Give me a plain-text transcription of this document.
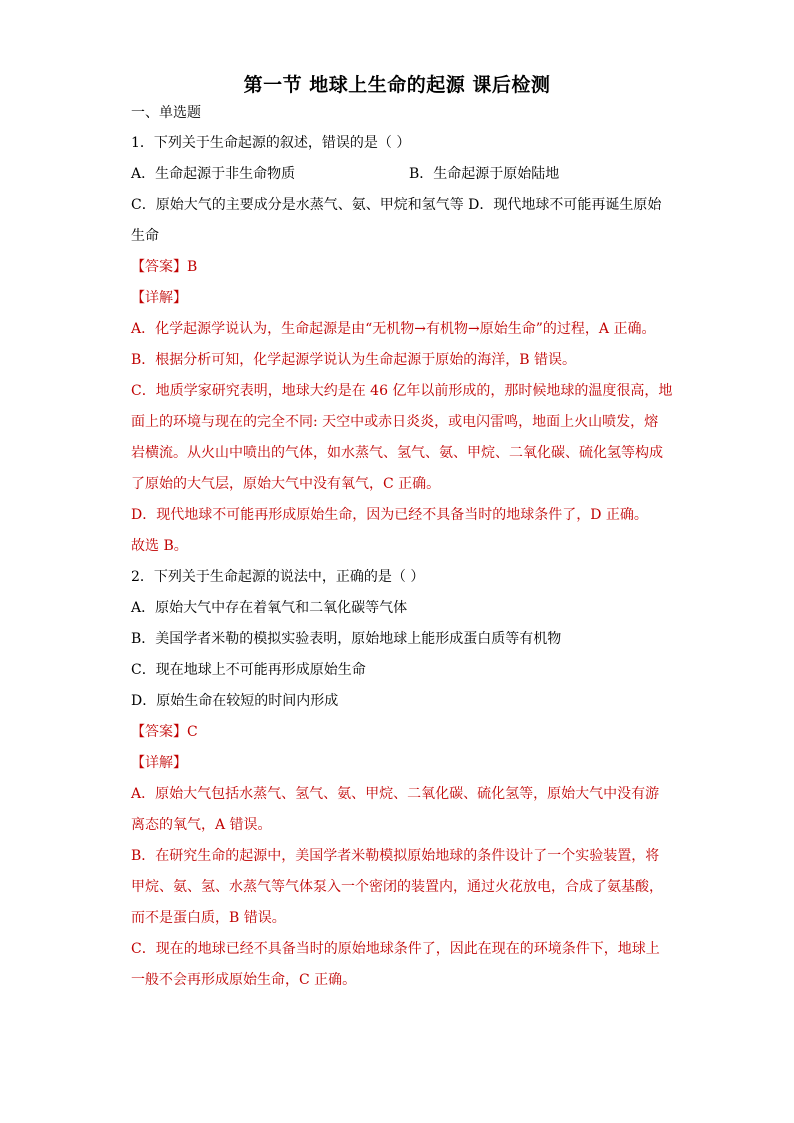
第一节 地球上生命的起源 课后检测
一、单选题
1．下列关于生命起源的叙述，错误的是（ ）
A．生命起源于非生命物质	B．生命起源于原始陆地
C．原始大气的主要成分是水蒸气、氨、甲烷和氢气等 D．现代地球不可能再诞生原始
生命
【答案】B
【详解】
A．化学起源学说认为，生命起源是由“无机物→有机物→原始生命”的过程，A 正确。
B．根据分析可知，化学起源学说认为生命起源于原始的海洋，B 错误。
C．地质学家研究表明，地球大约是在 46 亿年以前形成的，那时候地球的温度很高，地
面上的环境与现在的完全不同: 天空中或赤日炎炎，或电闪雷鸣，地面上火山喷发，熔
岩横流。从火山中喷出的气体，如水蒸气、氢气、氨、甲烷、二氧化碳、硫化氢等构成
了原始的大气层，原始大气中没有氧气，C 正确。
D．现代地球不可能再形成原始生命，因为已经不具备当时的地球条件了，D 正确。
故选 B。
2．下列关于生命起源的说法中，正确的是（ ）
A．原始大气中存在着氧气和二氧化碳等气体
B．美国学者米勒的模拟实验表明，原始地球上能形成蛋白质等有机物
C．现在地球上不可能再形成原始生命
D．原始生命在较短的时间内形成
【答案】C
【详解】
A．原始大气包括水蒸气、氢气、氨、甲烷、二氧化碳、硫化氢等，原始大气中没有游
离态的氧气，A 错误。
B．在研究生命的起源中，美国学者米勒模拟原始地球的条件设计了一个实验装置，将
甲烷、氨、氢、水蒸气等气体泵入一个密闭的装置内，通过火花放电，合成了氨基酸，
而不是蛋白质，B 错误。
C．现在的地球已经不具备当时的原始地球条件了，因此在现在的环境条件下，地球上
一般不会再形成原始生命，C 正确。
